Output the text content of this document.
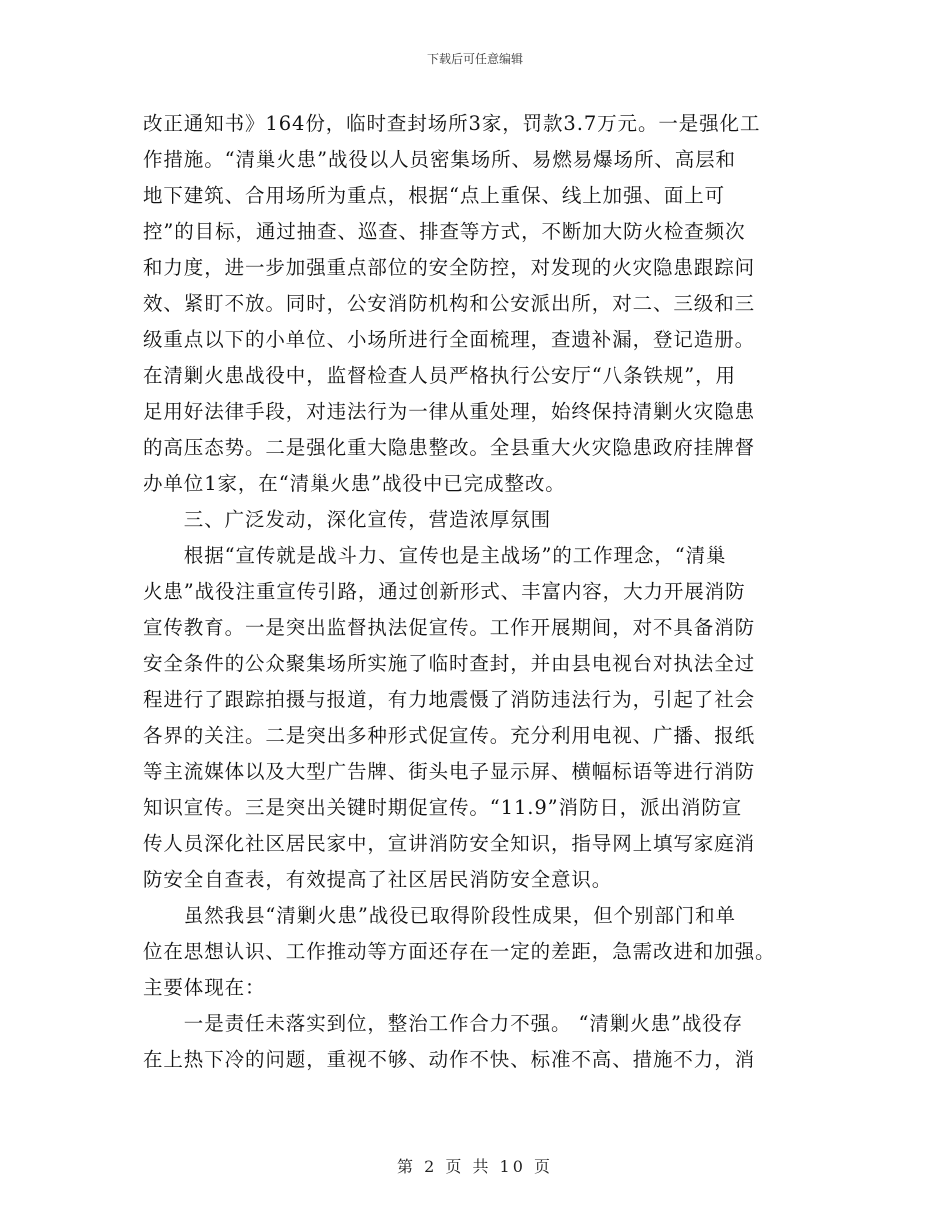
下载后可任意编辑
改正通知书》164份，临时查封场所3家，罚款3.7万元。一是强化工
作措施。“清巢火患”战役以人员密集场所、易燃易爆场所、高层和
地下建筑、合用场所为重点，根据“点上重保、线上加强、面上可
控”的目标，通过抽查、巡查、排查等方式，不断加大防火检查频次
和力度，进一步加强重点部位的安全防控，对发现的火灾隐患跟踪问
效、紧盯不放。同时，公安消防机构和公安派出所，对二、三级和三
级重点以下的小单位、小场所进行全面梳理，查遗补漏，登记造册。
在清剿火患战役中，监督检查人员严格执行公安厅“八条铁规”，用
足用好法律手段，对违法行为一律从重处理，始终保持清剿火灾隐患
的高压态势。二是强化重大隐患整改。全县重大火灾隐患政府挂牌督
办单位1家，在“清巢火患”战役中已完成整改。
　　三、广泛发动，深化宣传，营造浓厚氛围
　　根据“宣传就是战斗力、宣传也是主战场”的工作理念，“清巢
火患”战役注重宣传引路，通过创新形式、丰富内容，大力开展消防
宣传教育。一是突出监督执法促宣传。工作开展期间，对不具备消防
安全条件的公众聚集场所实施了临时查封，并由县电视台对执法全过
程进行了跟踪拍摄与报道，有力地震慑了消防违法行为，引起了社会
各界的关注。二是突出多种形式促宣传。充分利用电视、广播、报纸
等主流媒体以及大型广告牌、街头电子显示屏、横幅标语等进行消防
知识宣传。三是突出关键时期促宣传。“11.9”消防日，派出消防宣
传人员深化社区居民家中，宣讲消防安全知识，指导网上填写家庭消
防安全自查表，有效提高了社区居民消防安全意识。
　　虽然我县“清剿火患”战役已取得阶段性成果，但个别部门和单
位在思想认识、工作推动等方面还存在一定的差距，急需改进和加强。
主要体现在：
　　一是责任未落实到位，整治工作合力不强。 “清剿火患”战役存
在上热下冷的问题，重视不够、动作不快、标准不高、措施不力，消
第 2 页 共 10 页
